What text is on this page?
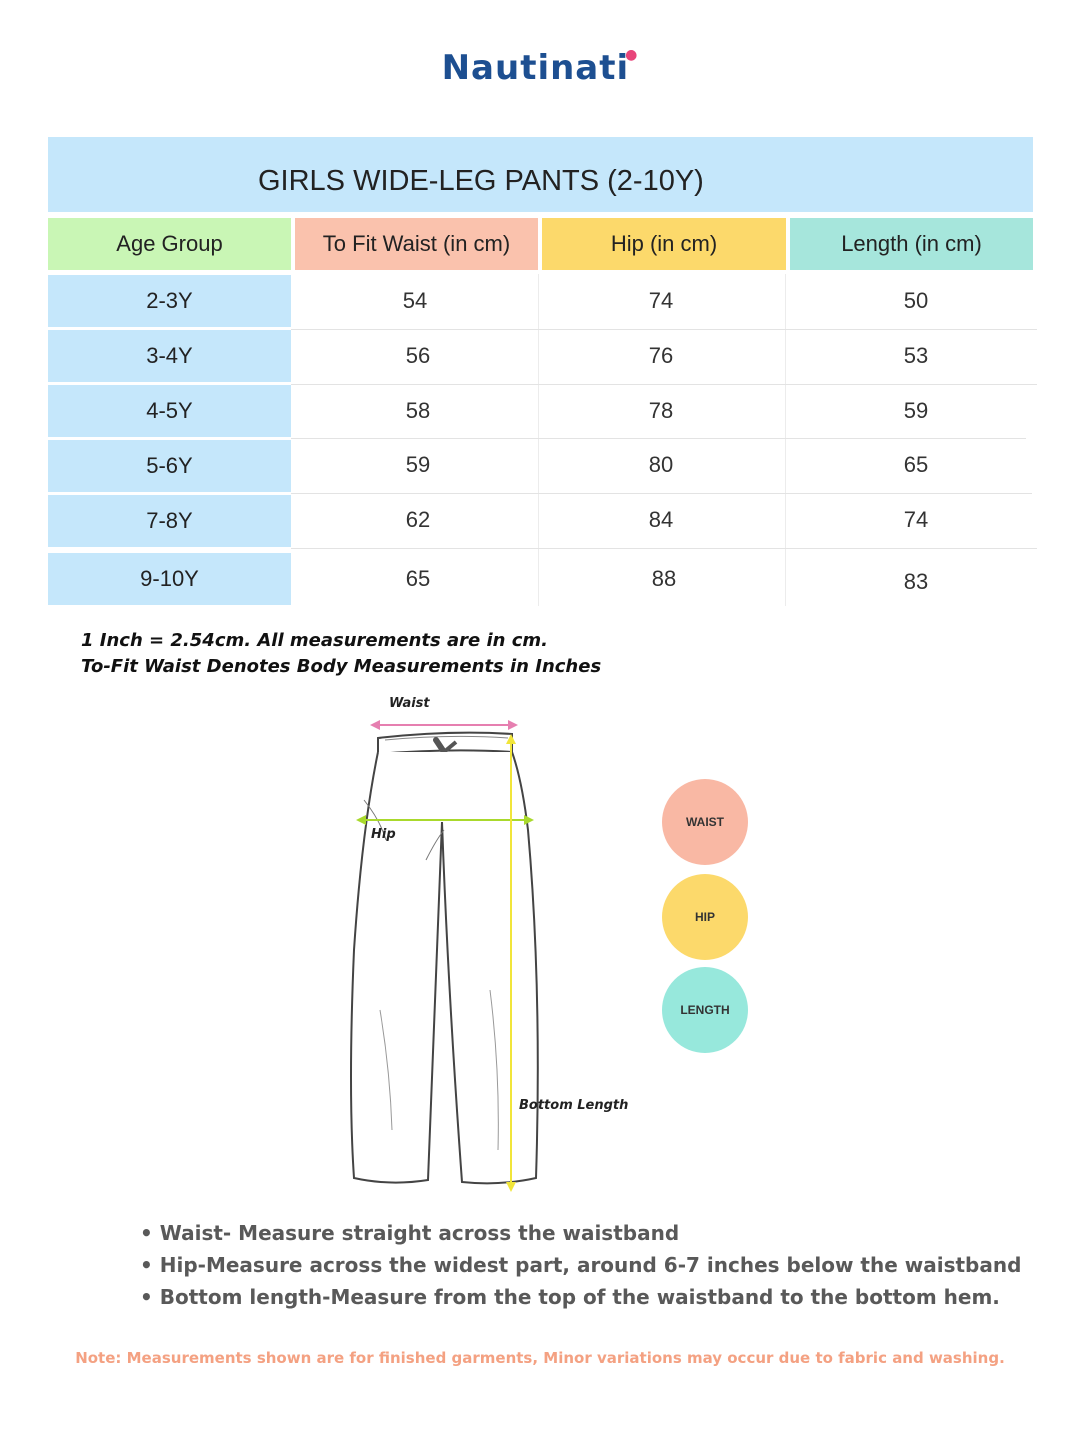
Nautinati●
GIRLS WIDE-LEG PANTS (2-10Y)
Age Group	To Fit Waist (in cm)	Hip (in cm)	Length (in cm)
2-3Y	54	74	50
3-4Y	56	76	53
4-5Y	58	78	59
5-6Y	59	80	65
7-8Y	62	84	74
9-10Y	65	88	83
1 Inch = 2.54cm. All measurements are in cm.
To-Fit Waist Denotes Body Measurements in Inches
Waist
Hip
Bottom Length
WAIST
HIP
LENGTH
• Waist- Measure straight across the waistband
• Hip-Measure across the widest part, around 6-7 inches below the waistband
• Bottom length-Measure from the top of the waistband to the bottom hem.
Note: Measurements shown are for finished garments, Minor variations may occur due to fabric and washing.
